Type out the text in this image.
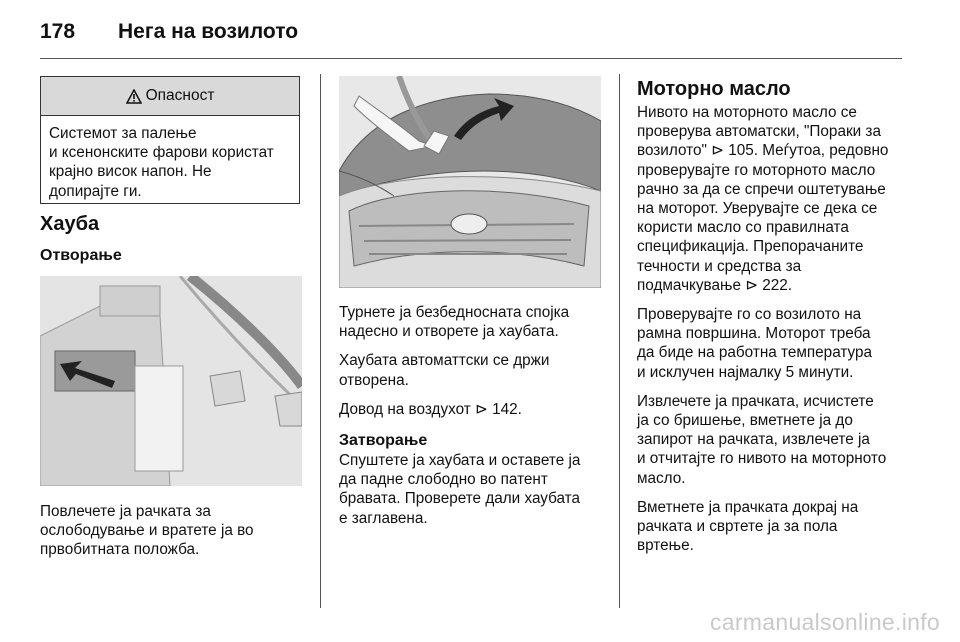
178 Нега на возилото
Опасност
Системот за палење
и ксенонските фарови користат
крајно висок напон. Не
допирајте ги.
Хауба
Отворање

Повлечете ја рачката за

ослободување и вратете ја во

првобитната положба.

Турнете ја безбедносната спојка

надесно и отворете ја хаубата.

Хаубата автоматтски се држи

отворена.

Довод на воздухот ⊳ 142.

Затворање

Спуштете ја хаубата и оставете ја

да падне слободно во патент

бравата. Проверете дали хаубата

е заглавена.

Моторно масло

Нивото на моторното масло се

проверува автоматски, "Пораки за

возилото" ⊳ 105. Меѓутоа, редовно

проверувајте го моторното масло

рачно за да се спречи оштетување

на моторот. Уверувајте се дека се

користи масло со правилната

спецификација. Препорачаните

течности и средства за

подмачкување ⊳ 222.

Проверувајте го со возилото на

рамна површина. Моторот треба

да биде на работна температура

и исклучен најмалку 5 минути.

Извлечете ја прачката, исчистете

ја со бришење, вметнете ја до

запирот на рачката, извлечете ја

и отчитајте го нивото на моторното

масло.

Вметнете ја прачката докрај на

рачката и свртете ја за пола

вртење.

carmanualsonline.info
